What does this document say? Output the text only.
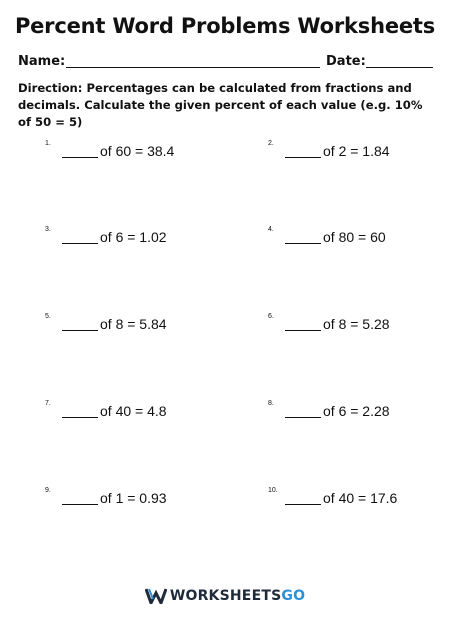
Percent Word Problems Worksheets
Name:	Date:
Direction: Percentages can be calculated from fractions and decimals. Calculate the given percent of each value (e.g. 10% of 50 = 5)
1.	of 60 = 38.4	2.	of 2 = 1.84
3.	of 6 = 1.02	4.	of 80 = 60
5.	of 8 = 5.84	6.	of 8 = 5.28
7.	of 40 = 4.8	8.	of 6 = 2.28
9.	of 1 = 0.93	10.	of 40 = 17.6
WORKSHEETSGO
